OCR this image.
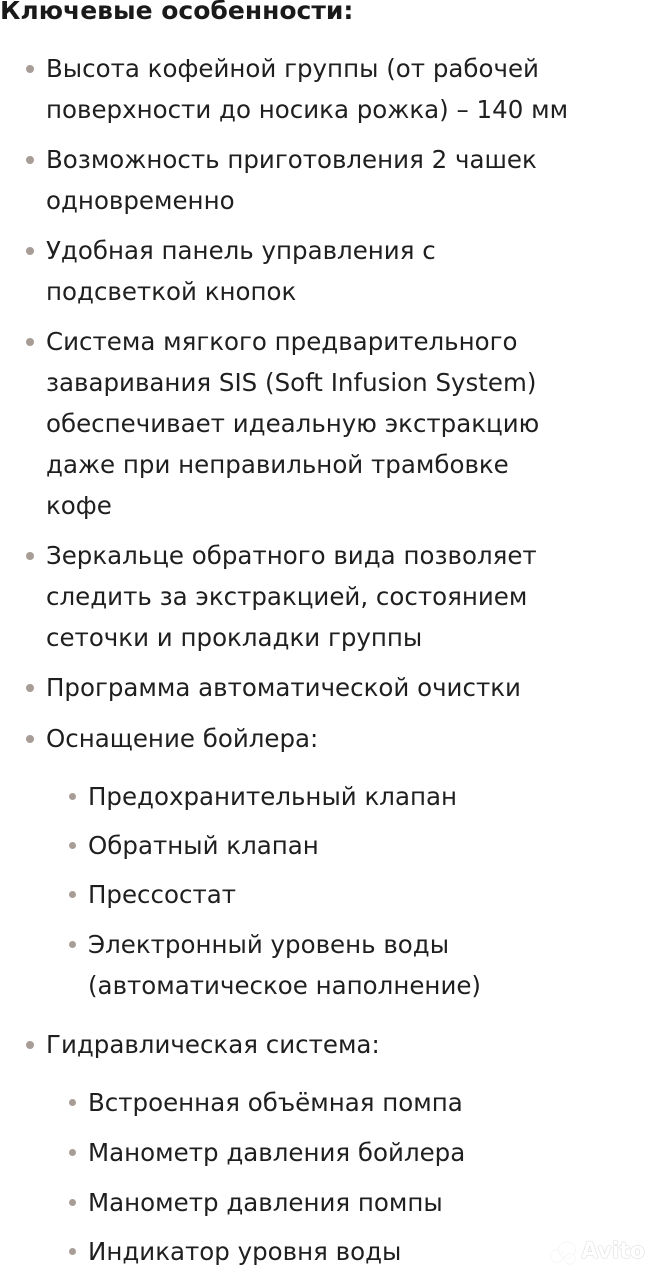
Ключевые особенности:
Высота кофейной группы (от рабочей
поверхности до носика рожка) – 140 мм
Возможность приготовления 2 чашек
одновременно
Удобная панель управления с
подсветкой кнопок
Система мягкого предварительного
заваривания SIS (Soft Infusion System)
обеспечивает идеальную экстракцию
даже при неправильной трамбовке
кофе
Зеркальце обратного вида позволяет
следить за экстракцией, состоянием
сеточки и прокладки группы
Программа автоматической очистки
Оснащение бойлера:
Предохранительный клапан
Обратный клапан
Прессостат
Электронный уровень воды
(автоматическое наполнение)
Гидравлическая система:
Встроенная объёмная помпа
Манометр давления бойлера
Манометр давления помпы
Индикатор уровня воды	Avito
